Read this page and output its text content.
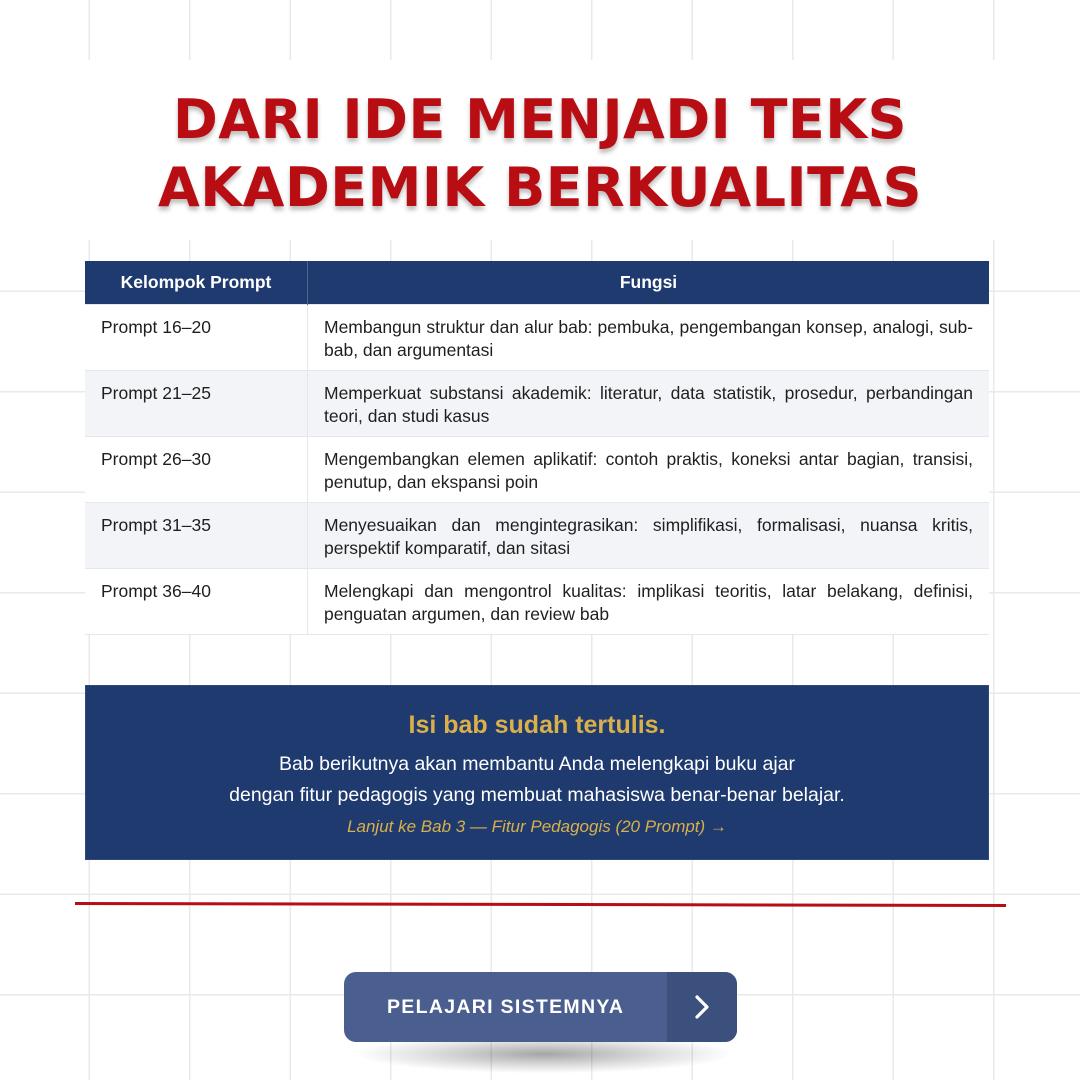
DARI IDE MENJADI TEKS
AKADEMIK BERKUALITAS
Kelompok Prompt	Fungsi
Prompt 16–20	Membangun struktur dan alur bab: pembuka, pengembangan konsep, analogi, sub-bab, dan argumentasi
Prompt 21–25	Memperkuat substansi akademik: literatur, data statistik, prosedur, perbandingan teori, dan studi kasus
Prompt 26–30	Mengembangkan elemen aplikatif: contoh praktis, koneksi antar bagian, transisi, penutup, dan ekspansi poin
Prompt 31–35	Menyesuaikan dan mengintegrasikan: simplifikasi, formalisasi, nuansa kritis, perspektif komparatif, dan sitasi
Prompt 36–40	Melengkapi dan mengontrol kualitas: implikasi teoritis, latar belakang, definisi, penguatan argumen, dan review bab
Isi bab sudah tertulis.
Bab berikutnya akan membantu Anda melengkapi buku ajar
dengan fitur pedagogis yang membuat mahasiswa benar-benar belajar.
Lanjut ke Bab 3 — Fitur Pedagogis (20 Prompt) →
PELAJARI SISTEMNYA
